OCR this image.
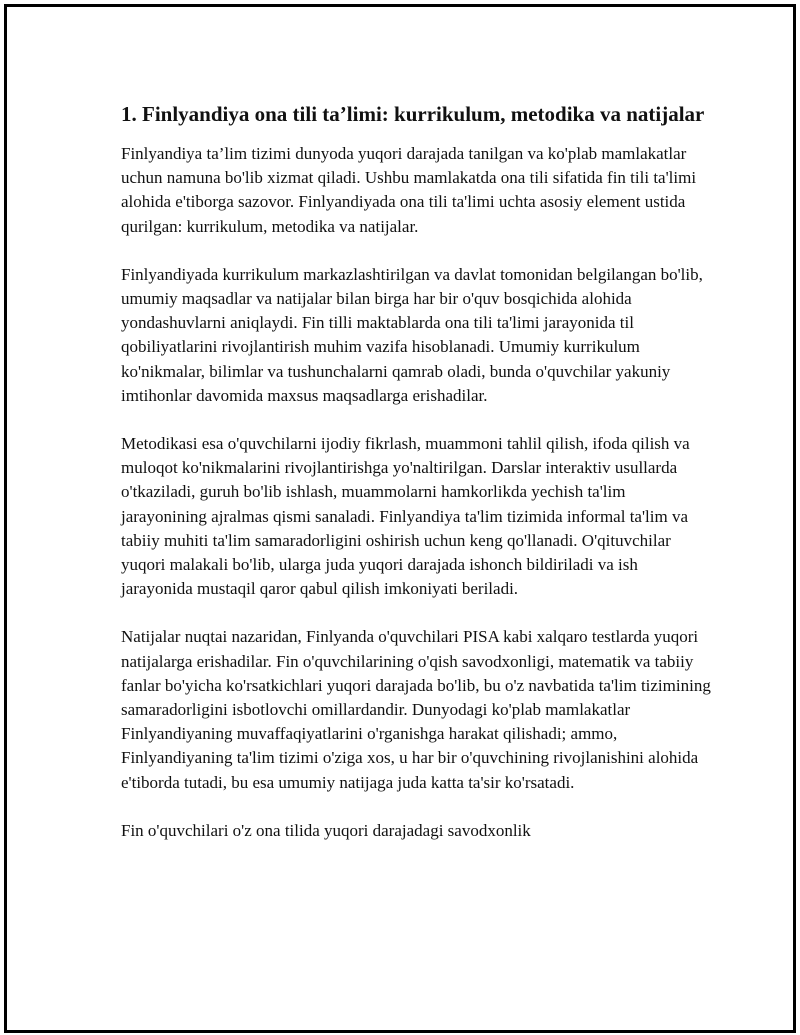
1. Finlyandiya ona tili ta’limi: kurrikulum, metodika va natijalar

Finlyandiya ta’lim tizimi dunyoda yuqori darajada tanilgan va ko'plab mamlakatlar uchun namuna bo'lib xizmat qiladi. Ushbu mamlakatda ona tili sifatida fin tili ta'limi alohida e'tiborga sazovor. Finlyandiyada ona tili ta'limi uchta asosiy element ustida qurilgan: kurrikulum, metodika va natijalar.

Finlyandiyada kurrikulum markazlashtirilgan va davlat tomonidan belgilangan bo'lib, umumiy maqsadlar va natijalar bilan birga har bir o'quv bosqichida alohida yondashuvlarni aniqlaydi. Fin tilli maktablarda ona tili ta'limi jarayonida til qobiliyatlarini rivojlantirish muhim vazifa hisoblanadi. Umumiy kurrikulum ko'nikmalar, bilimlar va tushunchalarni qamrab oladi, bunda o'quvchilar yakuniy imtihonlar davomida maxsus maqsadlarga erishadilar.

Metodikasi esa o'quvchilarni ijodiy fikrlash, muammoni tahlil qilish, ifoda qilish va muloqot ko'nikmalarini rivojlantirishga yo'naltirilgan. Darslar interaktiv usullarda o'tkaziladi, guruh bo'lib ishlash, muammolarni hamkorlikda yechish ta'lim jarayonining ajralmas qismi sanaladi. Finlyandiya ta'lim tizimida informal ta'lim va tabiiy muhiti ta'lim samaradorligini oshirish uchun keng qo'llanadi. O'qituvchilar yuqori malakali bo'lib, ularga juda yuqori darajada ishonch bildiriladi va ish jarayonida mustaqil qaror qabul qilish imkoniyati beriladi.

Natijalar nuqtai nazaridan, Finlyanda o'quvchilari PISA kabi xalqaro testlarda yuqori natijalarga erishadilar. Fin o'quvchilarining o'qish savodxonligi, matematik va tabiiy fanlar bo'yicha ko'rsatkichlari yuqori darajada bo'lib, bu o'z navbatida ta'lim tizimining samaradorligini isbotlovchi omillardandir. Dunyodagi ko'plab mamlakatlar Finlyandiyaning muvaffaqiyatlarini o'rganishga harakat qilishadi; ammo, Finlyandiyaning ta'lim tizimi o'ziga xos, u har bir o'quvchining rivojlanishini alohida e'tiborda tutadi, bu esa umumiy natijaga juda katta ta'sir ko'rsatadi.

Fin o'quvchilari o'z ona tilida yuqori darajadagi savodxonlik
